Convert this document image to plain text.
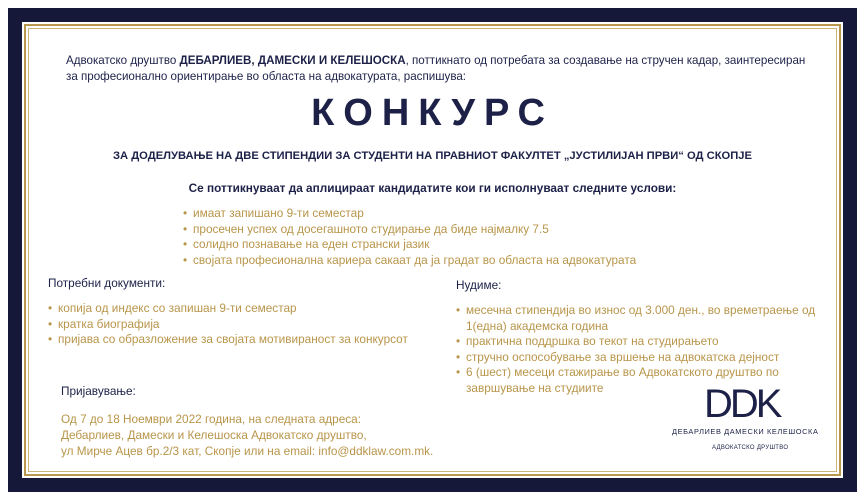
Адвокатско друштво ДЕБАРЛИЕВ, ДАМЕСКИ И КЕЛЕШОСКА, поттикнато од потребата за создавање на стручен кадар, заинтересиран за професионално ориентирање во областа на адвокатурата, распишува:
КОНКУРС
ЗА ДОДЕЛУВАЊЕ НА ДВЕ СТИПЕНДИИ ЗА СТУДЕНТИ НА ПРАВНИОТ ФАКУЛТЕТ „ЈУСТИЛИЈАН ПРВИ“ ОД СКОПЈЕ
Се поттикнуваат да аплицираат кандидатите кои ги исполнуваат следните услови:
• имаат запишано 9-ти семестар
• просечен успех од досегашното студирање да биде најмалку 7.5
• солидно познавање на еден странски јазик
• својата професионална кариера сакаат да ја градат во областа на адвокатурата
Потребни документи:
• копија од индекс со запишан 9-ти семестар
• кратка биографија
• пријава со образложение за својата мотивираност за конкурсот
Нудиме:
• месечна стипендија во износ од 3.000 ден., во времетраење од 1(една) академска година
• практична поддршка во текот на студирањето
• стручно оспособување за вршење на адвокатска дејност
• 6 (шест) месеци стажирање во Адвокатското друштво по завршување на студиите
Пријавување:
Од 7 до 18 Ноември 2022 година, на следната адреса:
Дебарлиев, Дамески и Келешоска Адвокатско друштво,
ул Мирче Ацев бр.2/3 кат, Скопје или на email: info@ddklaw.com.mk.
DDK
ДЕБАРЛИЕВ ДАМЕСКИ КЕЛЕШОСКА
АДВОКАТСКО ДРУШТВО
